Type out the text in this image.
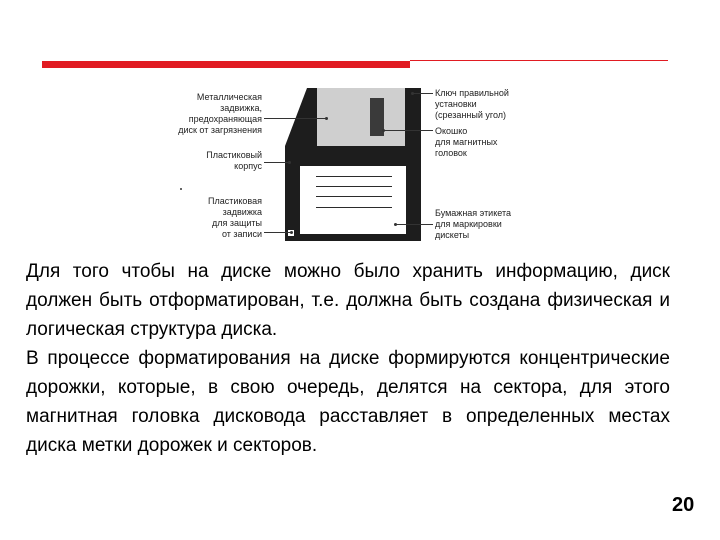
Металлическая
задвижка,
предохраняющая
диск от загрязнения
Пластиковый
корпус
Пластиковая
задвижка
для защиты
от записи
Ключ правильной
установки
(срезанный угол)
Окошко
для магнитных
головок
Бумажная этикета
для маркировки
дискеты

Для того чтобы на диске можно было хранить информацию, диск должен быть отформатирован, т.е. должна быть создана физическая и логическая структура диска.

В процессе форматирования на диске формируются концентрические дорожки, которые, в свою очередь, делятся на сектора, для этого магнитная головка дисковода расставляет в определенных местах диска метки дорожек и секторов.

20
